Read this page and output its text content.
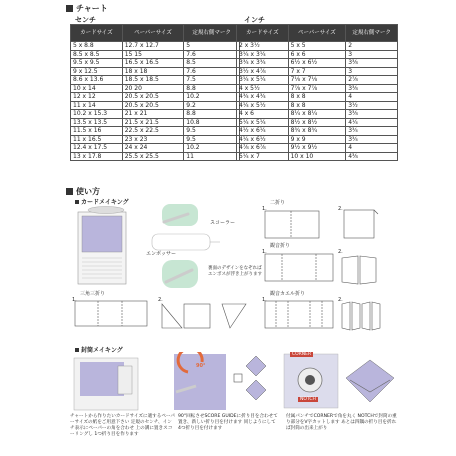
チャート
センチ	インチ
カードサイズ	ペーパーサイズ	定規右側マーク
5 x 8.8	12.7 x 12.7	5
8.5 x 8.5	15 15	7.6
9.5 x 9.5	16.5 x 16.5	8.5
9 x 12.5	18 x 18	7.6
8.6 x 13.6	18.5 x 18.5	7.5
10 x 14	20 20	8.8
12 x 12	20.5 x 20.5	10.2
11 x 14	20.5 x 20.5	9.2
10.2 x 15.3	21 x 21	8.8
13.5 x 13.5	21.5 x 21.5	10.8
11.5 x 16	22.5 x 22.5	9.5
11 x 16.5	23 x 23	9.5
12.4 x 17.5	24 x 24	10.2
13 x 17.8	25.5 x 25.5	11
カードサイズ	ペーパーサイズ	定規右側マーク
2 x 3½	5 x 5	2
3¼ x 3¼	6 x 6	3
3¾ x 3¾	6½ x 6½	3⅜
3½ x 4⅞	7 x 7	3
3¼ x 5¼	7⅛ x 7⅛	2⅞
4 x 5½	7⅞ x 7⅞	3⅜
4¾ x 4¾	8 x 8	4
4¼ x 5½	8 x 8	3½
4 x 6	8¼ x 8¼	3⅜
5¼ x 5¼	8½ x 8½	4¼
4½ x 6¼	8¾ x 8¾	3¾
4¼ x 6½	9 x 9	3¾
4⅞ x 6⅞	9½ x 9½	4
5¼ x 7	10 x 10	4⅜
使い方
カードメイキング
スコーラー
エンボッサー
裏面のデザインをなぞればエンボスが浮き上がります
二折り
1.	2.
観音折り
1.	2.
三角三折り
1.	2.
観音カエル折り
1.	2.
封筒メイキング
90°
CORNER
NOTCH
チャートから作りたいカードサイズに適するペーパーサイズの紙をご用意下さい 定規のセンチ、インチ表示にペーパーの角を合わせ 上の溝に置きスコーリングし 1つ折り目を作ります
90°回転させSCORE GUIDEに折り目を合わせて置き、新しい折り目を付けます 同じようにして4つ折り目を付けます
付属パンチでCORNERで角を丸く NOTCHで封筒の重り部分をV字カットします あとは四隅の折り目を折れば封筒の出来上がり
